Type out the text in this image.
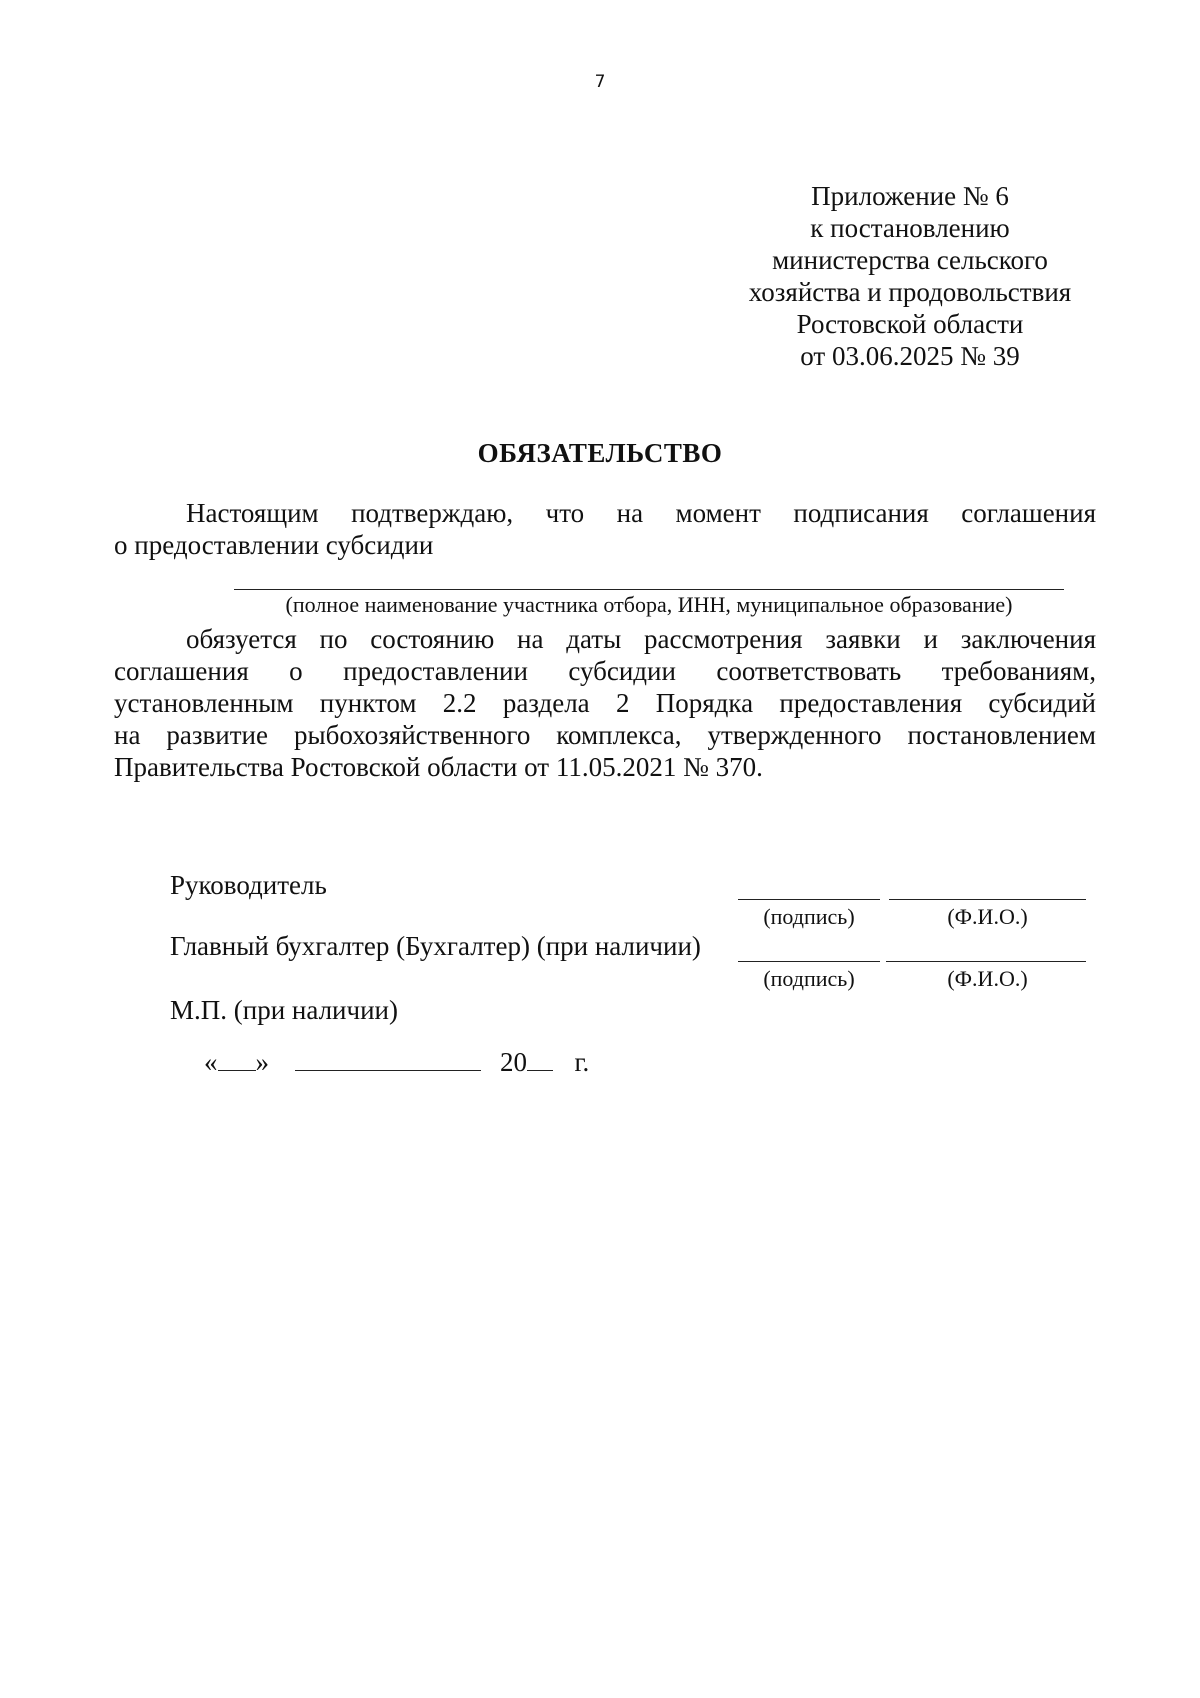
7
Приложение № 6
к постановлению
министерства сельского
хозяйства и продовольствия
Ростовской области
от 03.06.2025 № 39
ОБЯЗАТЕЛЬСТВО
Настоящим подтверждаю, что на момент подписания соглашения
о предоставлении субсидии
(полное наименование участника отбора, ИНН, муниципальное образование)
обязуется по состоянию на даты рассмотрения заявки и заключения
соглашения о предоставлении субсидии соответствовать требованиям,
установленным пунктом 2.2 раздела 2 Порядка предоставления субсидий
на развитие рыбохозяйственного комплекса, утвержденного постановлением
Правительства Ростовской области от 11.05.2021 № 370.
Руководитель
(подпись)	(Ф.И.О.)
Главный бухгалтер (Бухгалтер) (при наличии)
(подпись)	(Ф.И.О.)
М.П. (при наличии)
« »	20 г.
